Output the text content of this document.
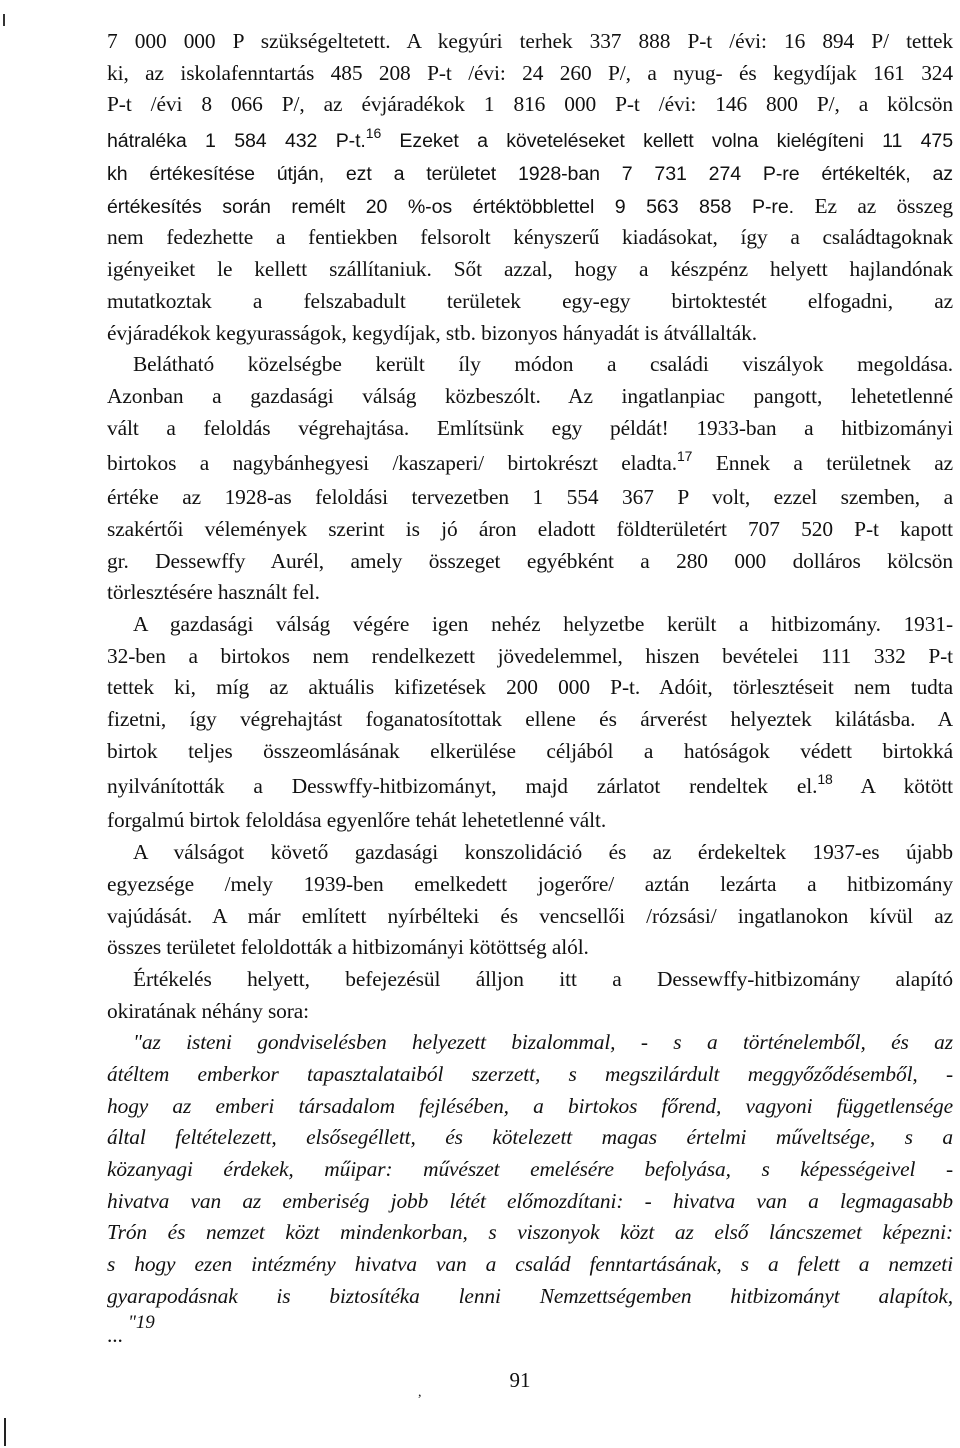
7 000 000 P szükségeltetett. A kegyúri terhek 337 888 P-t /évi: 16 894 P/ tettek
ki, az iskolafenntartás 485 208 P-t /évi: 24 260 P/, a nyug- és kegydíjak 161 324
P-t /évi 8 066 P/, az évjáradékok 1 816 000 P-t /évi: 146 800 P/, a kölcsön
hátraléka 1 584 432 P-t.$^{16}$ Ezeket a követeléseket kellett volna kielégíteni 11 475
kh értékesítése útján, ezt a területet 1928-ban 7 731 274 P-re értékelték, az
értékesítés során remélt 20 %-os értéktöbblettel 9 563 858 P-re. Ez az összeg
nem fedezhette a fentiekben felsorolt kényszerű kiadásokat, így a családtagoknak
igényeiket le kellett szállítaniuk. Sőt azzal, hogy a készpénz helyett hajlandónak
mutatkoztak a felszabadult területek egy-egy birtoktestét elfogadni, az
évjáradékok kegyurasságok, kegydíjak, stb. bizonyos hányadát is átvállalták.
Belátható közelségbe került íly módon a családi viszályok megoldása.
Azonban a gazdasági válság közbeszólt. Az ingatlanpiac pangott, lehetetlenné
vált a feloldás végrehajtása. Említsünk egy példát! 1933-ban a hitbizományi
birtokos a nagybánhegyesi /kaszaperi/ birtokrészt eladta.$^{17}$ Ennek a területnek az
értéke az 1928-as feloldási tervezetben 1 554 367 P volt, ezzel szemben, a
szakértői vélemények szerint is jó áron eladott földterületért 707 520 P-t kapott
gr. Dessewffy Aurél, amely összeget egyébként a 280 000 dolláros kölcsön
törlesztésére használt fel.
A gazdasági válság végére igen nehéz helyzetbe került a hitbizomány. 1931-
32-ben a birtokos nem rendelkezett jövedelemmel, hiszen bevételei 111 332 P-t
tettek ki, míg az aktuális kifizetések 200 000 P-t. Adóit, törlesztéseit nem tudta
fizetni, így végrehajtást foganatosítottak ellene és árverést helyeztek kilátásba. A
birtok teljes összeomlásának elkerülése céljából a hatóságok védett birtokká
nyilvánították a Desswffy-hitbizományt, majd zárlatot rendeltek el.$^{18}$ A kötött
forgalmú birtok feloldása egyenlőre tehát lehetetlenné vált.
A válságot követő gazdasági konszolidáció és az érdekeltek 1937-es újabb
egyezsége /mely 1939-ben emelkedett jogerőre/ aztán lezárta a hitbizomány
vajúdását. A már említett nyírbélteki és vencsellői /rózsási/ ingatlanokon kívül az
összes területet feloldották a hitbizományi kötöttség alól.
Értékelés helyett, befejezésül álljon itt a Dessewffy-hitbizomány alapító
okiratának néhány sora:
"az isteni gondviselésben helyezett bizalommal, - s a történelemből, és az
átéltem emberkor tapasztalataiból szerzett, s megszilárdult meggyőződésemből, -
hogy az emberi társadalom fejlésében, a birtokos főrend, vagyoni függetlensége
által feltételezett, elsősegéllett, és kötelezett magas értelmi műveltsége, s a
közanyagi érdekek, műipar: művészet emelésére befolyása, s képességeivel -
hivatva van az emberiség jobb létét előmozdítani: - hivatva van a legmagasabb
Trón és nemzet közt mindenkorban, s viszonyok közt az első láncszemet képezni:
s hogy ezen intézmény hivatva van a család fenntartásának, s a felett a nemzeti
gyarapodásnak is biztosítéka lenni Nemzettségemben hitbizományt alapítok,
... "19
,
91
